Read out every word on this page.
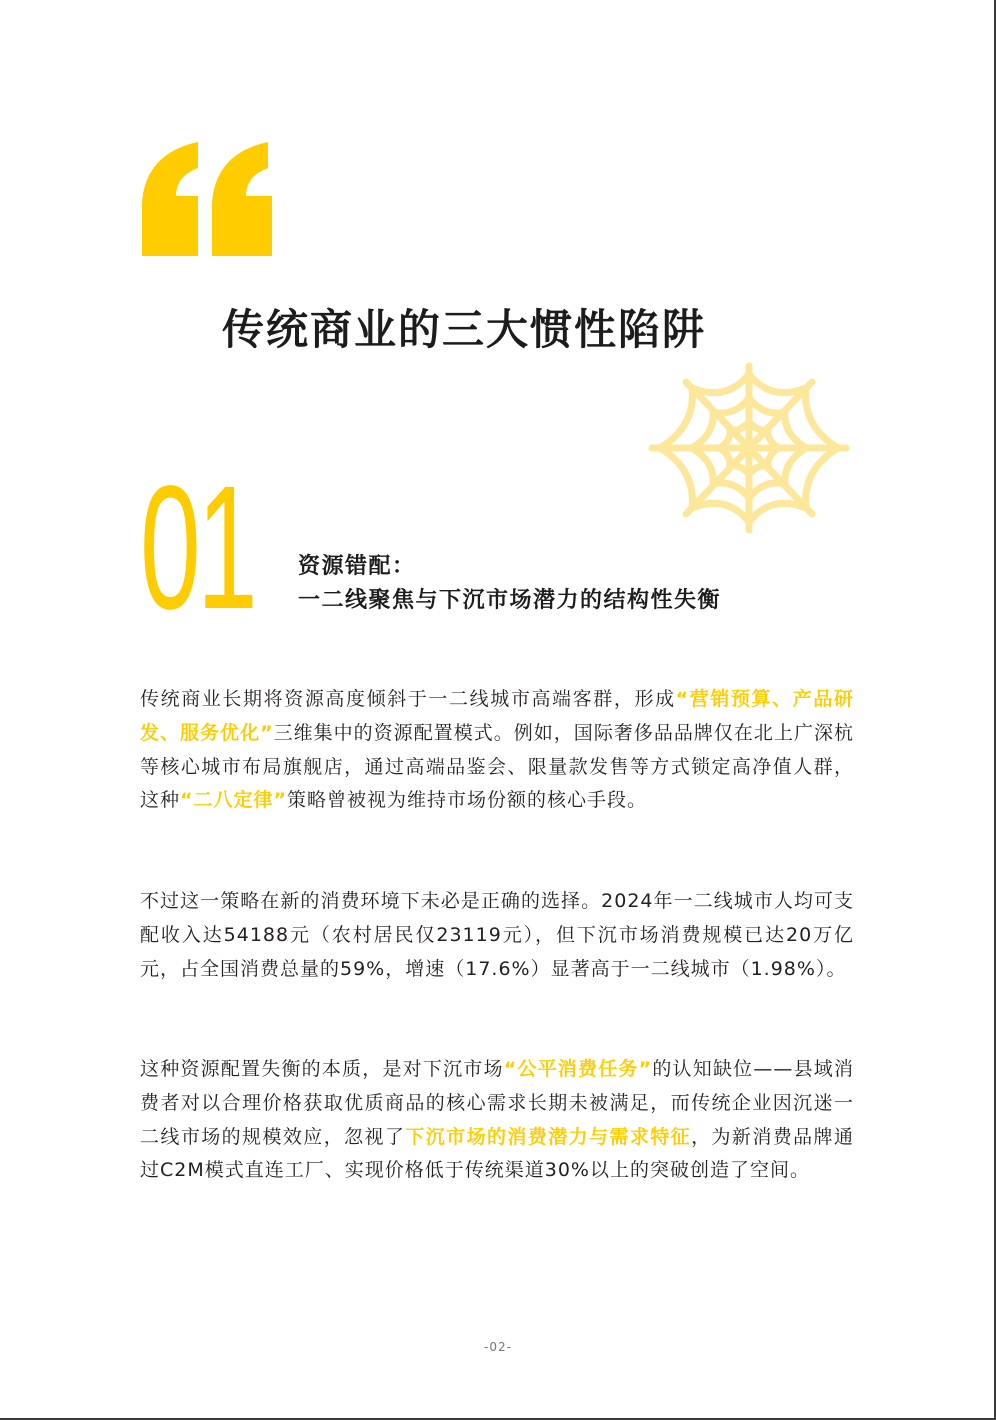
传统商业的三大惯性陷阱
01 资源错配：
一二线聚焦与下沉市场潜力的结构性失衡

传统商业长期将资源高度倾斜于一二线城市高端客群，形成“营销预算、产品研发、服务优化”三维集中的资源配置模式。例如，国际奢侈品品牌仅在北上广深杭等核心城市布局旗舰店，通过高端品鉴会、限量款发售等方式锁定高净值人群，这种“二八定律”策略曾被视为维持市场份额的核心手段。

不过这一策略在新的消费环境下未必是正确的选择。2024年一二线城市人均可支配收入达54188元（农村居民仅23119元），但下沉市场消费规模已达20万亿元，占全国消费总量的59%，增速（17.6%）显著高于一二线城市（1.98%）。

这种资源配置失衡的本质，是对下沉市场“公平消费任务”的认知缺位——县域消费者对以合理价格获取优质商品的核心需求长期未被满足，而传统企业因沉迷一二线市场的规模效应，忽视了下沉市场的消费潜力与需求特征，为新消费品牌通过C2M模式直连工厂、实现价格低于传统渠道30%以上的突破创造了空间。

-02-
